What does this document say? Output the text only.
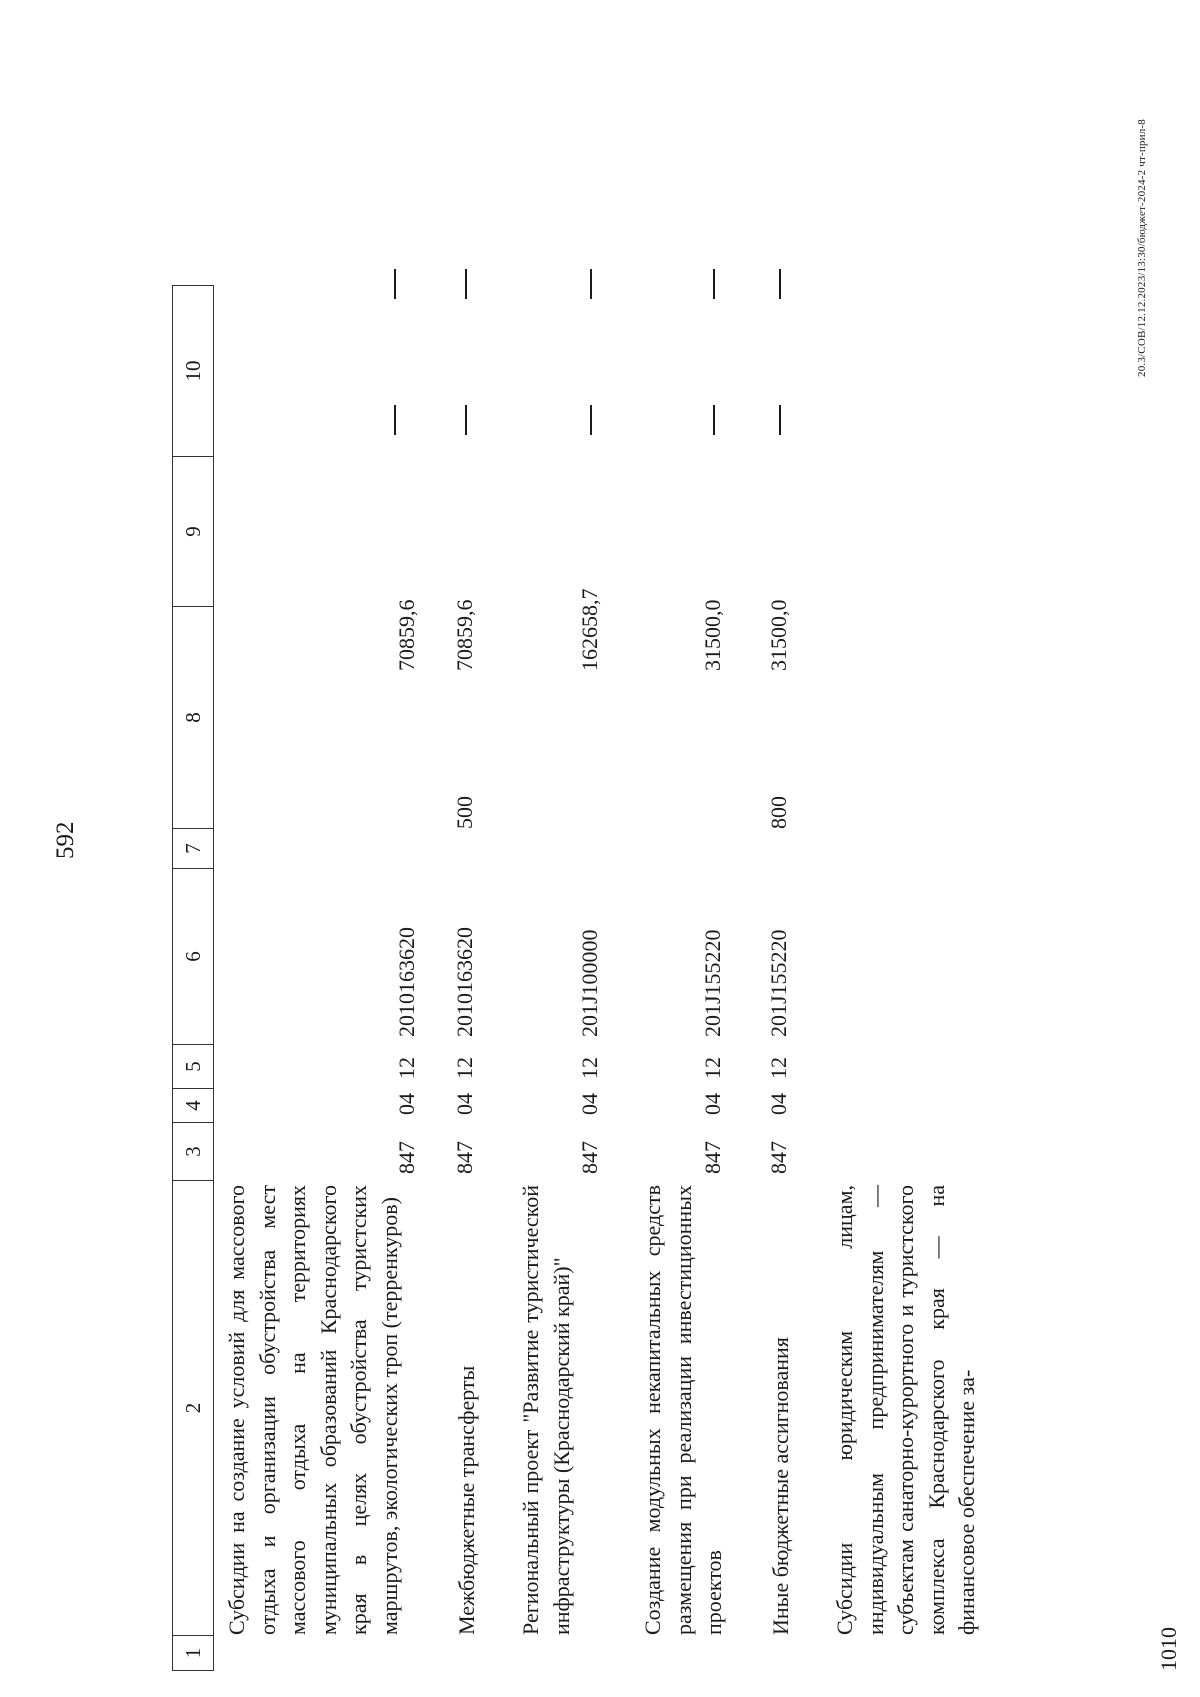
592
1
2
3
4
5
6
7
8
9
10
Субсидии на создание условий для массового отдыха и организации обустройства мест массового отдыха на территориях муниципальных образований Краснодарского края в целях обустройства туристских маршрутов, экологических троп (терренкуров)
847
04
12
2010163620
70859,6
Межбюджетные трансферты
847
04
12
2010163620
500
70859,6
Региональный проект "Развитие туристической инфраструктуры (Краснодарский край)"
847
04
12
201J100000
162658,7
Создание модульных некапитальных средств размещения при реализации инвестиционных проектов
847
04
12
201J155220
31500,0
Иные бюджетные ассигнования
847
04
12
201J155220
800
31500,0
Субсидии юридическим лицам, индивидуальным предпринимателям — субъектам санаторно-курортного и туристского комплекса Краснодарского края — на финансовое обеспечение за-
20.3/СОВ/12.12.2023/13:30/бюджет-2024-2 чт-прил-8
1010
